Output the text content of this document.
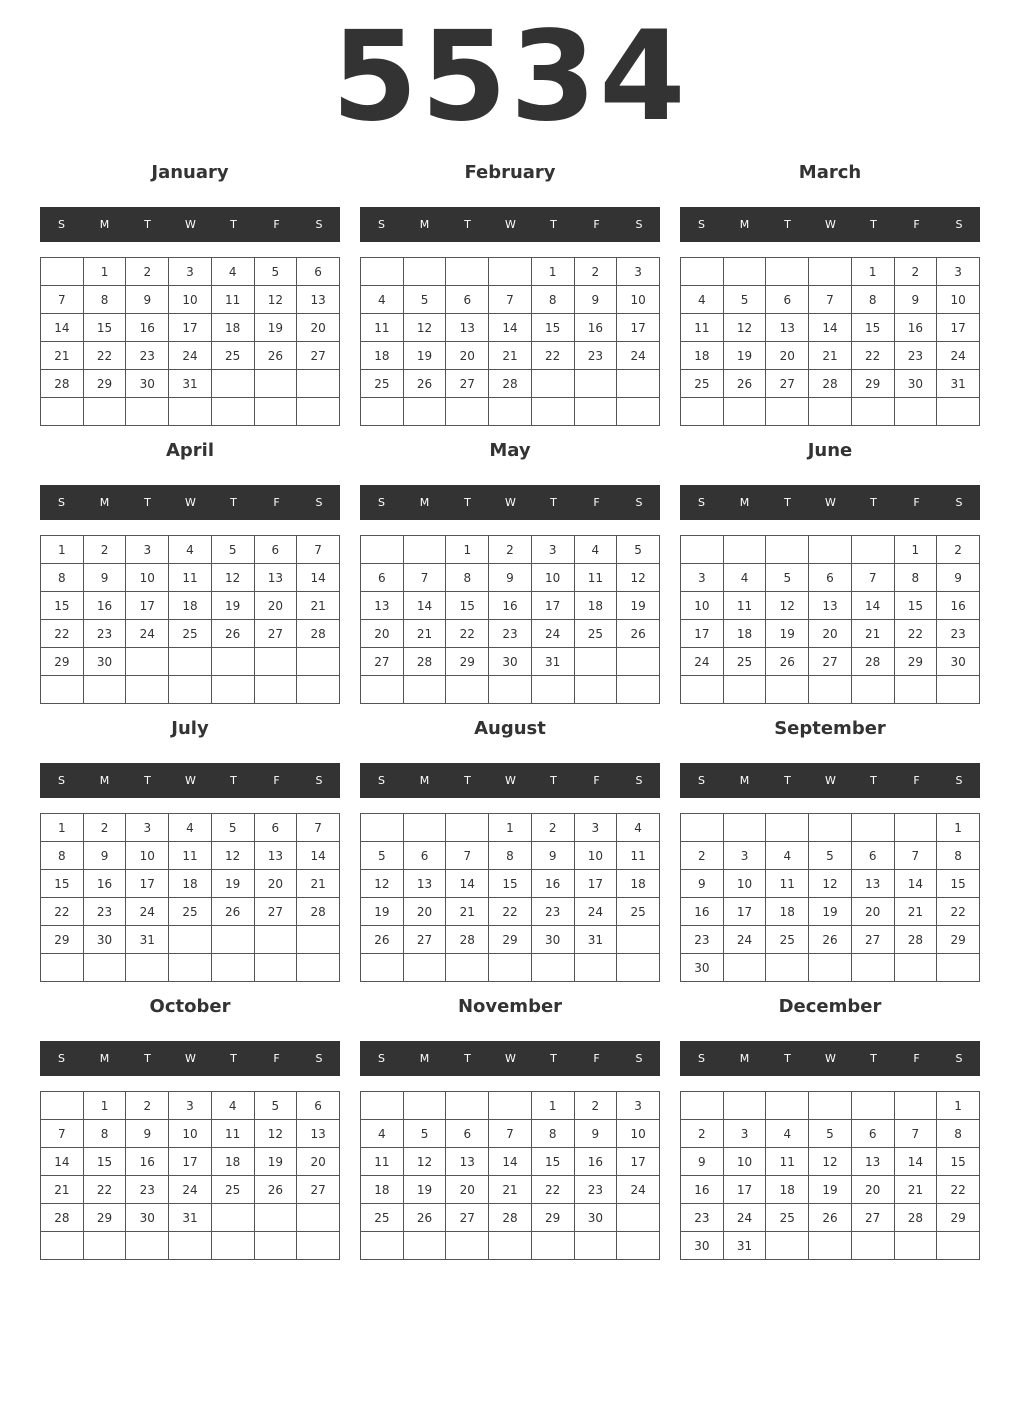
5534
January
S	M	T	W	T	F	S
	1	2	3	4	5	6
7	8	9	10	11	12	13
14	15	16	17	18	19	20
21	22	23	24	25	26	27
28	29	30	31			

February
S	M	T	W	T	F	S
				1	2	3
4	5	6	7	8	9	10
11	12	13	14	15	16	17
18	19	20	21	22	23	24
25	26	27	28			

March
S	M	T	W	T	F	S
				1	2	3
4	5	6	7	8	9	10
11	12	13	14	15	16	17
18	19	20	21	22	23	24
25	26	27	28	29	30	31

April
S	M	T	W	T	F	S
1	2	3	4	5	6	7
8	9	10	11	12	13	14
15	16	17	18	19	20	21
22	23	24	25	26	27	28
29	30					

May
S	M	T	W	T	F	S
		1	2	3	4	5
6	7	8	9	10	11	12
13	14	15	16	17	18	19
20	21	22	23	24	25	26
27	28	29	30	31		

June
S	M	T	W	T	F	S
					1	2
3	4	5	6	7	8	9
10	11	12	13	14	15	16
17	18	19	20	21	22	23
24	25	26	27	28	29	30

July
S	M	T	W	T	F	S
1	2	3	4	5	6	7
8	9	10	11	12	13	14
15	16	17	18	19	20	21
22	23	24	25	26	27	28
29	30	31				

August
S	M	T	W	T	F	S
			1	2	3	4
5	6	7	8	9	10	11
12	13	14	15	16	17	18
19	20	21	22	23	24	25
26	27	28	29	30	31	

September
S	M	T	W	T	F	S
						1
2	3	4	5	6	7	8
9	10	11	12	13	14	15
16	17	18	19	20	21	22
23	24	25	26	27	28	29
30						
October
S	M	T	W	T	F	S
	1	2	3	4	5	6
7	8	9	10	11	12	13
14	15	16	17	18	19	20
21	22	23	24	25	26	27
28	29	30	31			

November
S	M	T	W	T	F	S
				1	2	3
4	5	6	7	8	9	10
11	12	13	14	15	16	17
18	19	20	21	22	23	24
25	26	27	28	29	30	

December
S	M	T	W	T	F	S
						1
2	3	4	5	6	7	8
9	10	11	12	13	14	15
16	17	18	19	20	21	22
23	24	25	26	27	28	29
30	31					
